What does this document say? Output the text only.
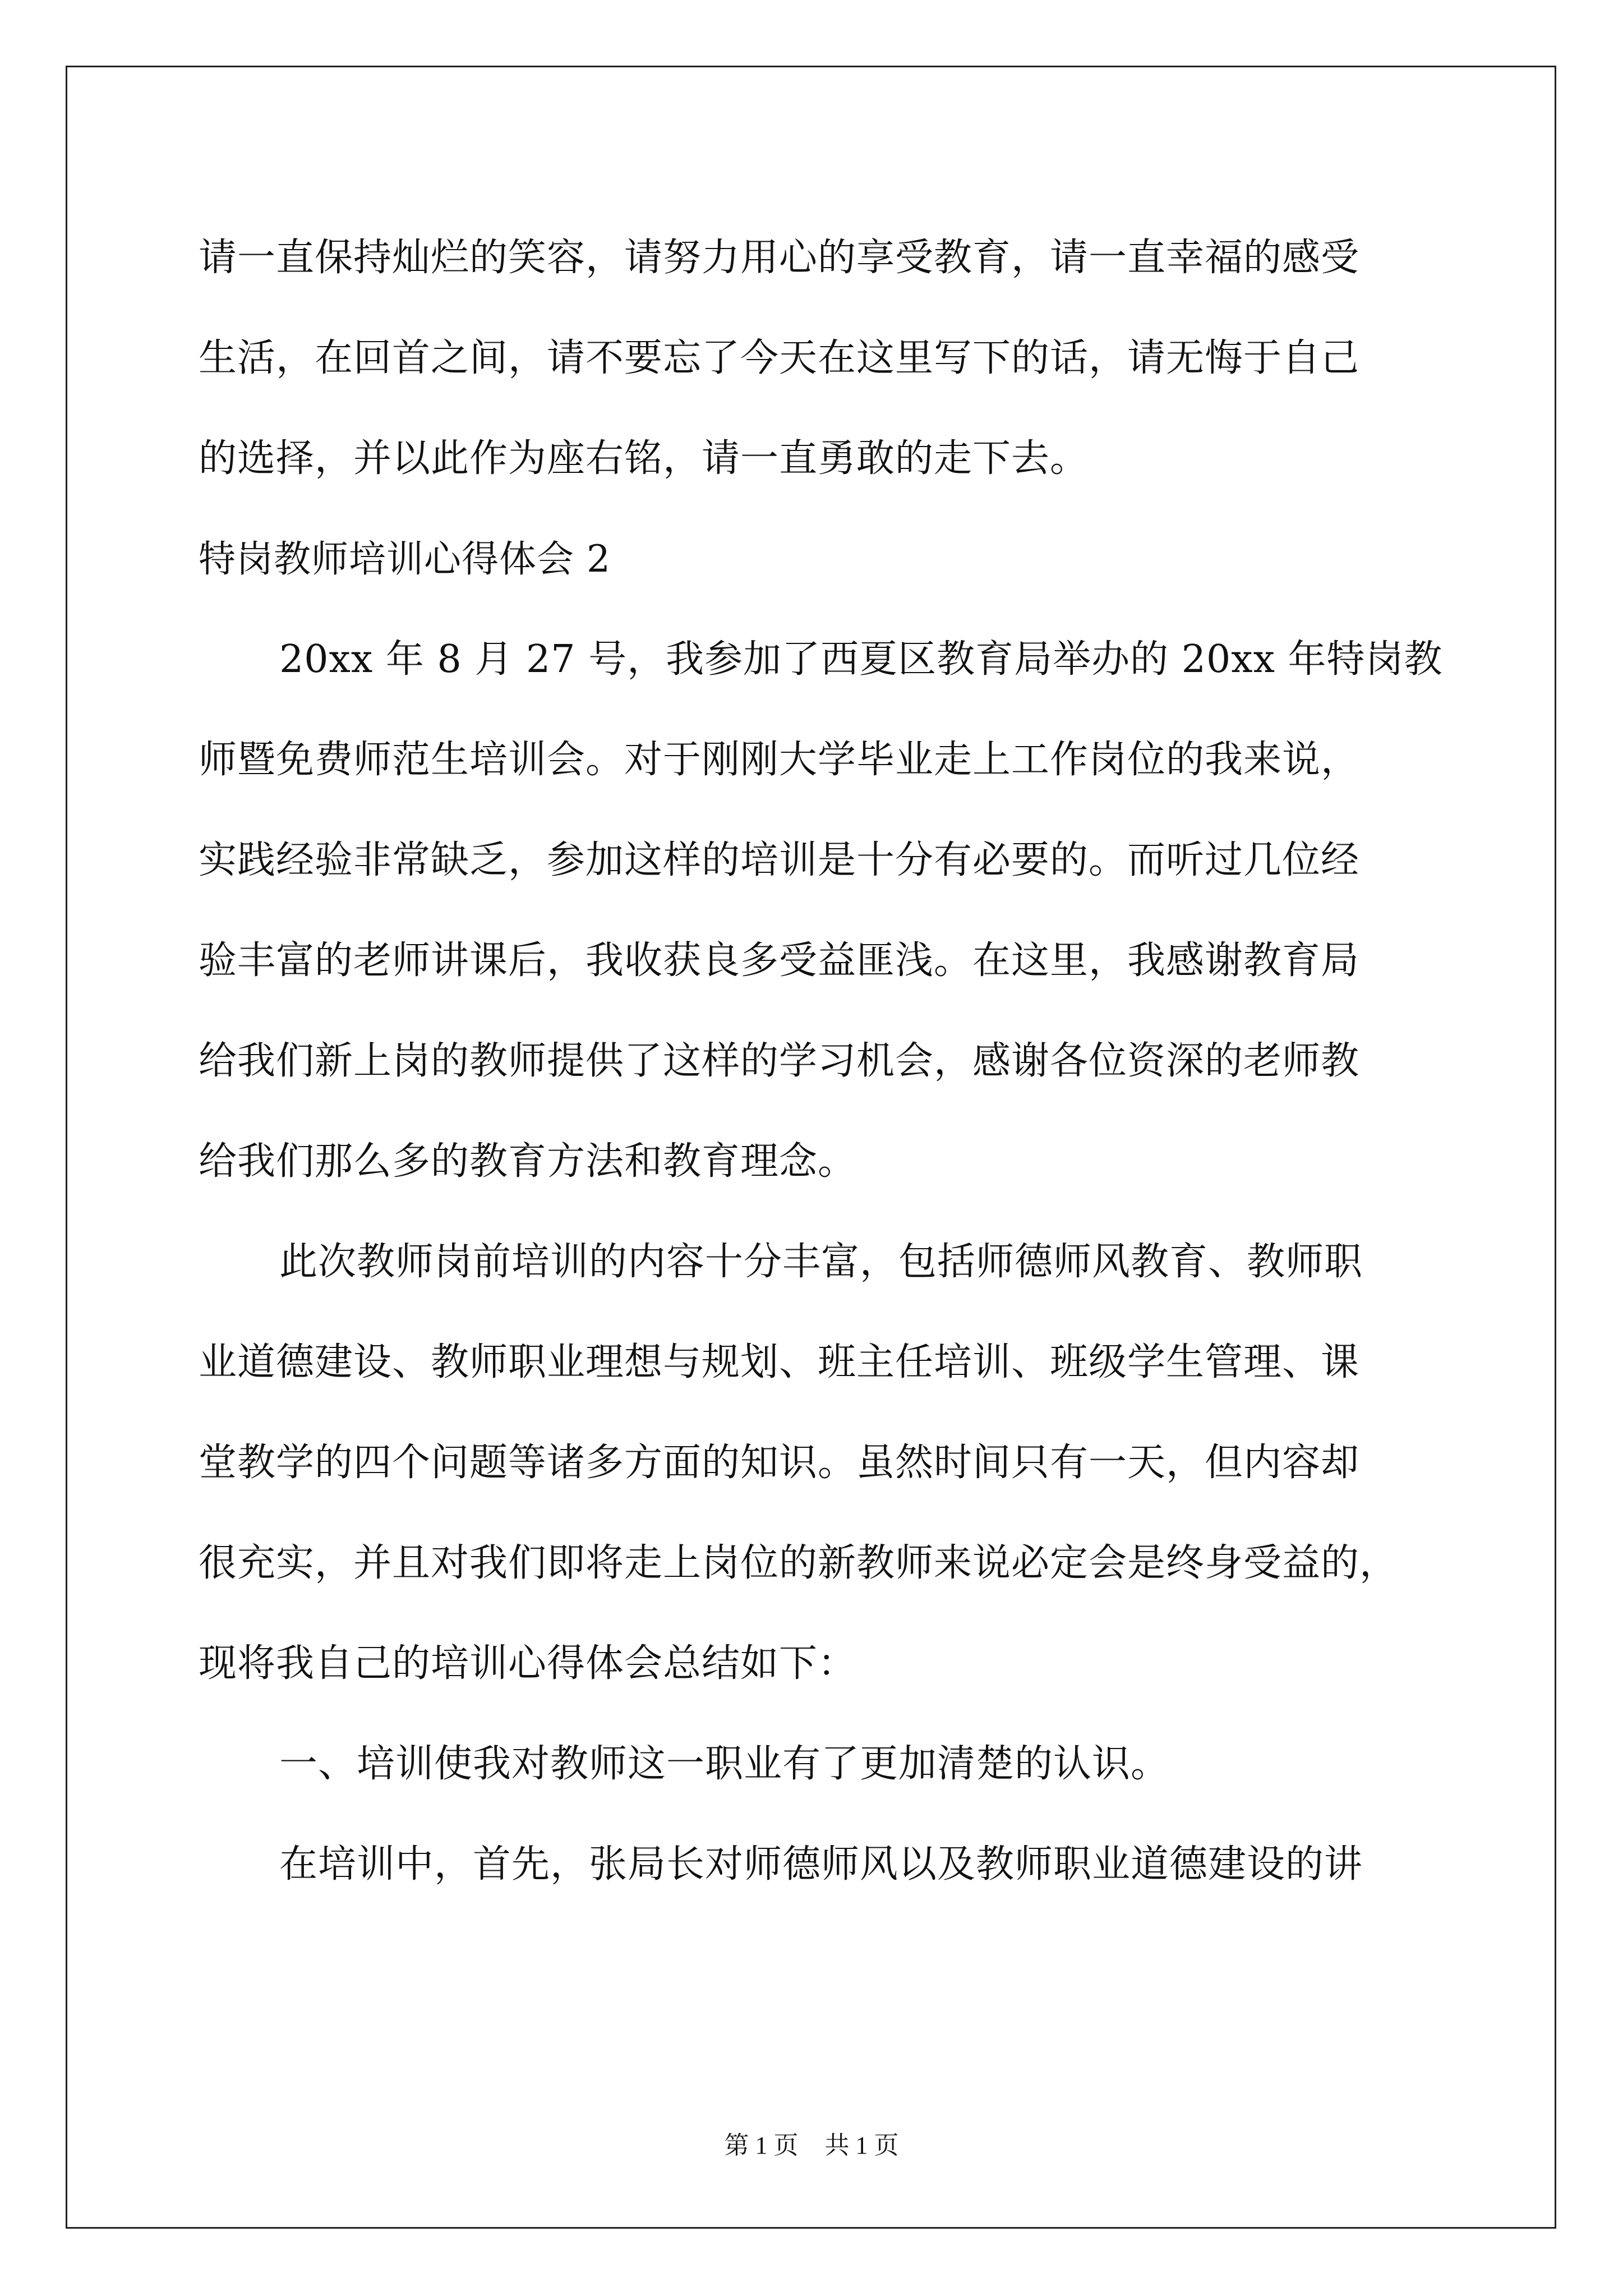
请一直保持灿烂的笑容，请努力用心的享受教育，请一直幸福的感受
生活，在回首之间，请不要忘了今天在这里写下的话，请无悔于自己
的选择，并以此作为座右铭，请一直勇敢的走下去。
特岗教师培训心得体会 2
20xx 年 8 月 27 号，我参加了西夏区教育局举办的 20xx 年特岗教
师暨免费师范生培训会。对于刚刚大学毕业走上工作岗位的我来说，
实践经验非常缺乏，参加这样的培训是十分有必要的。而听过几位经
验丰富的老师讲课后，我收获良多受益匪浅。在这里，我感谢教育局
给我们新上岗的教师提供了这样的学习机会，感谢各位资深的老师教
给我们那么多的教育方法和教育理念。
此次教师岗前培训的内容十分丰富，包括师德师风教育、教师职
业道德建设、教师职业理想与规划、班主任培训、班级学生管理、课
堂教学的四个问题等诸多方面的知识。虽然时间只有一天，但内容却
很充实，并且对我们即将走上岗位的新教师来说必定会是终身受益的，
现将我自己的培训心得体会总结如下：
一、培训使我对教师这一职业有了更加清楚的认识。
在培训中，首先，张局长对师德师风以及教师职业道德建设的讲
第 1 页 共 1 页
